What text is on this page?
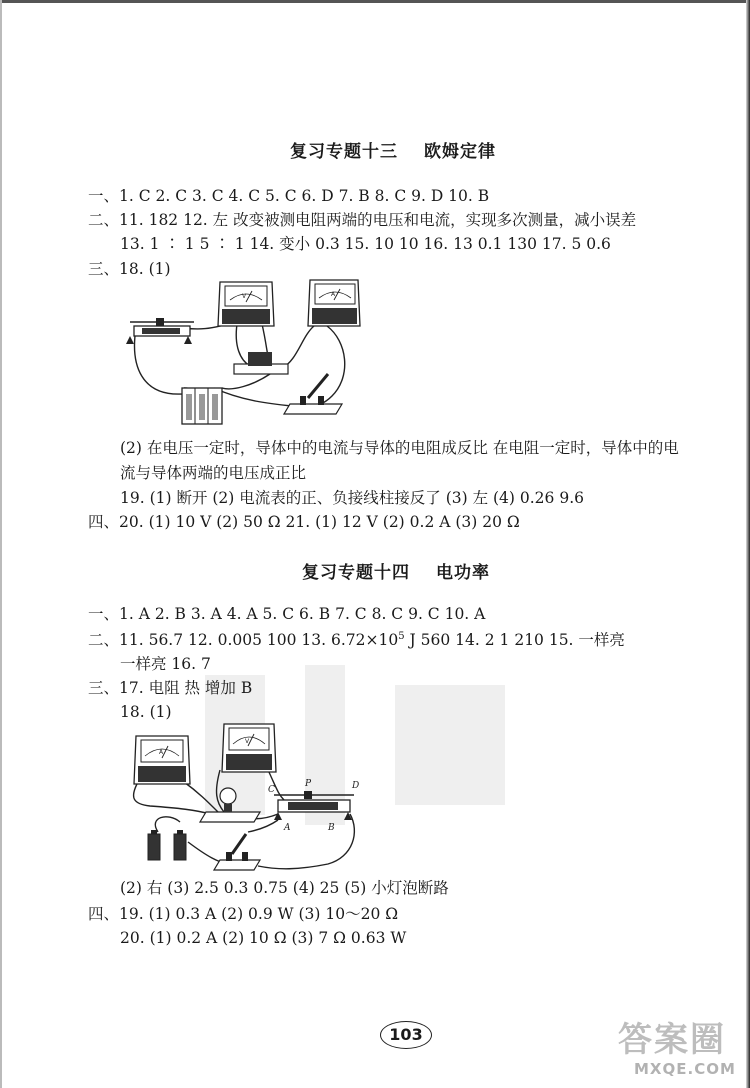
复习专题十三 欧姆定律
一、1. C 2. C 3. C 4. C 5. C 6. D 7. B 8. C 9. D 10. B
二、11. 182 12. 左 改变被测电阻两端的电压和电流，实现多次测量，减小误差
13. 1 ∶ 1 5 ∶ 1 14. 变小 0.3 15. 10 10 16. 13 0.1 130 17. 5 0.6
三、18. (1)
V	A
(2) 在电压一定时，导体中的电流与导体的电阻成反比 在电阻一定时，导体中的电
流与导体两端的电压成正比
19. (1) 断开 (2) 电流表的正、负接线柱接反了 (3) 左 (4) 0.26 9.6
四、20. (1) 10 V (2) 50 Ω 21. (1) 12 V (2) 0.2 A (3) 20 Ω
复习专题十四 电功率
一、1. A 2. B 3. A 4. A 5. C 6. B 7. C 8. C 9. C 10. A
二、11. 56.7 12. 0.005 100 13. $6.72\times 10^5$ J 560 14. 2 1 210 15. 一样亮
一样亮 16. 7
三、17. 电阻 热 增加 B
18. (1)
A
V
C
P	D
A	B
(2) 右 (3) 2.5 0.3 0.75 (4) 25 (5) 小灯泡断路
四、19. (1) 0.3 A (2) 0.9 W (3) 10～20 Ω
20. (1) 0.2 A (2) 10 Ω (3) 7 Ω 0.63 W
103	答案圈
MXQE.COM
